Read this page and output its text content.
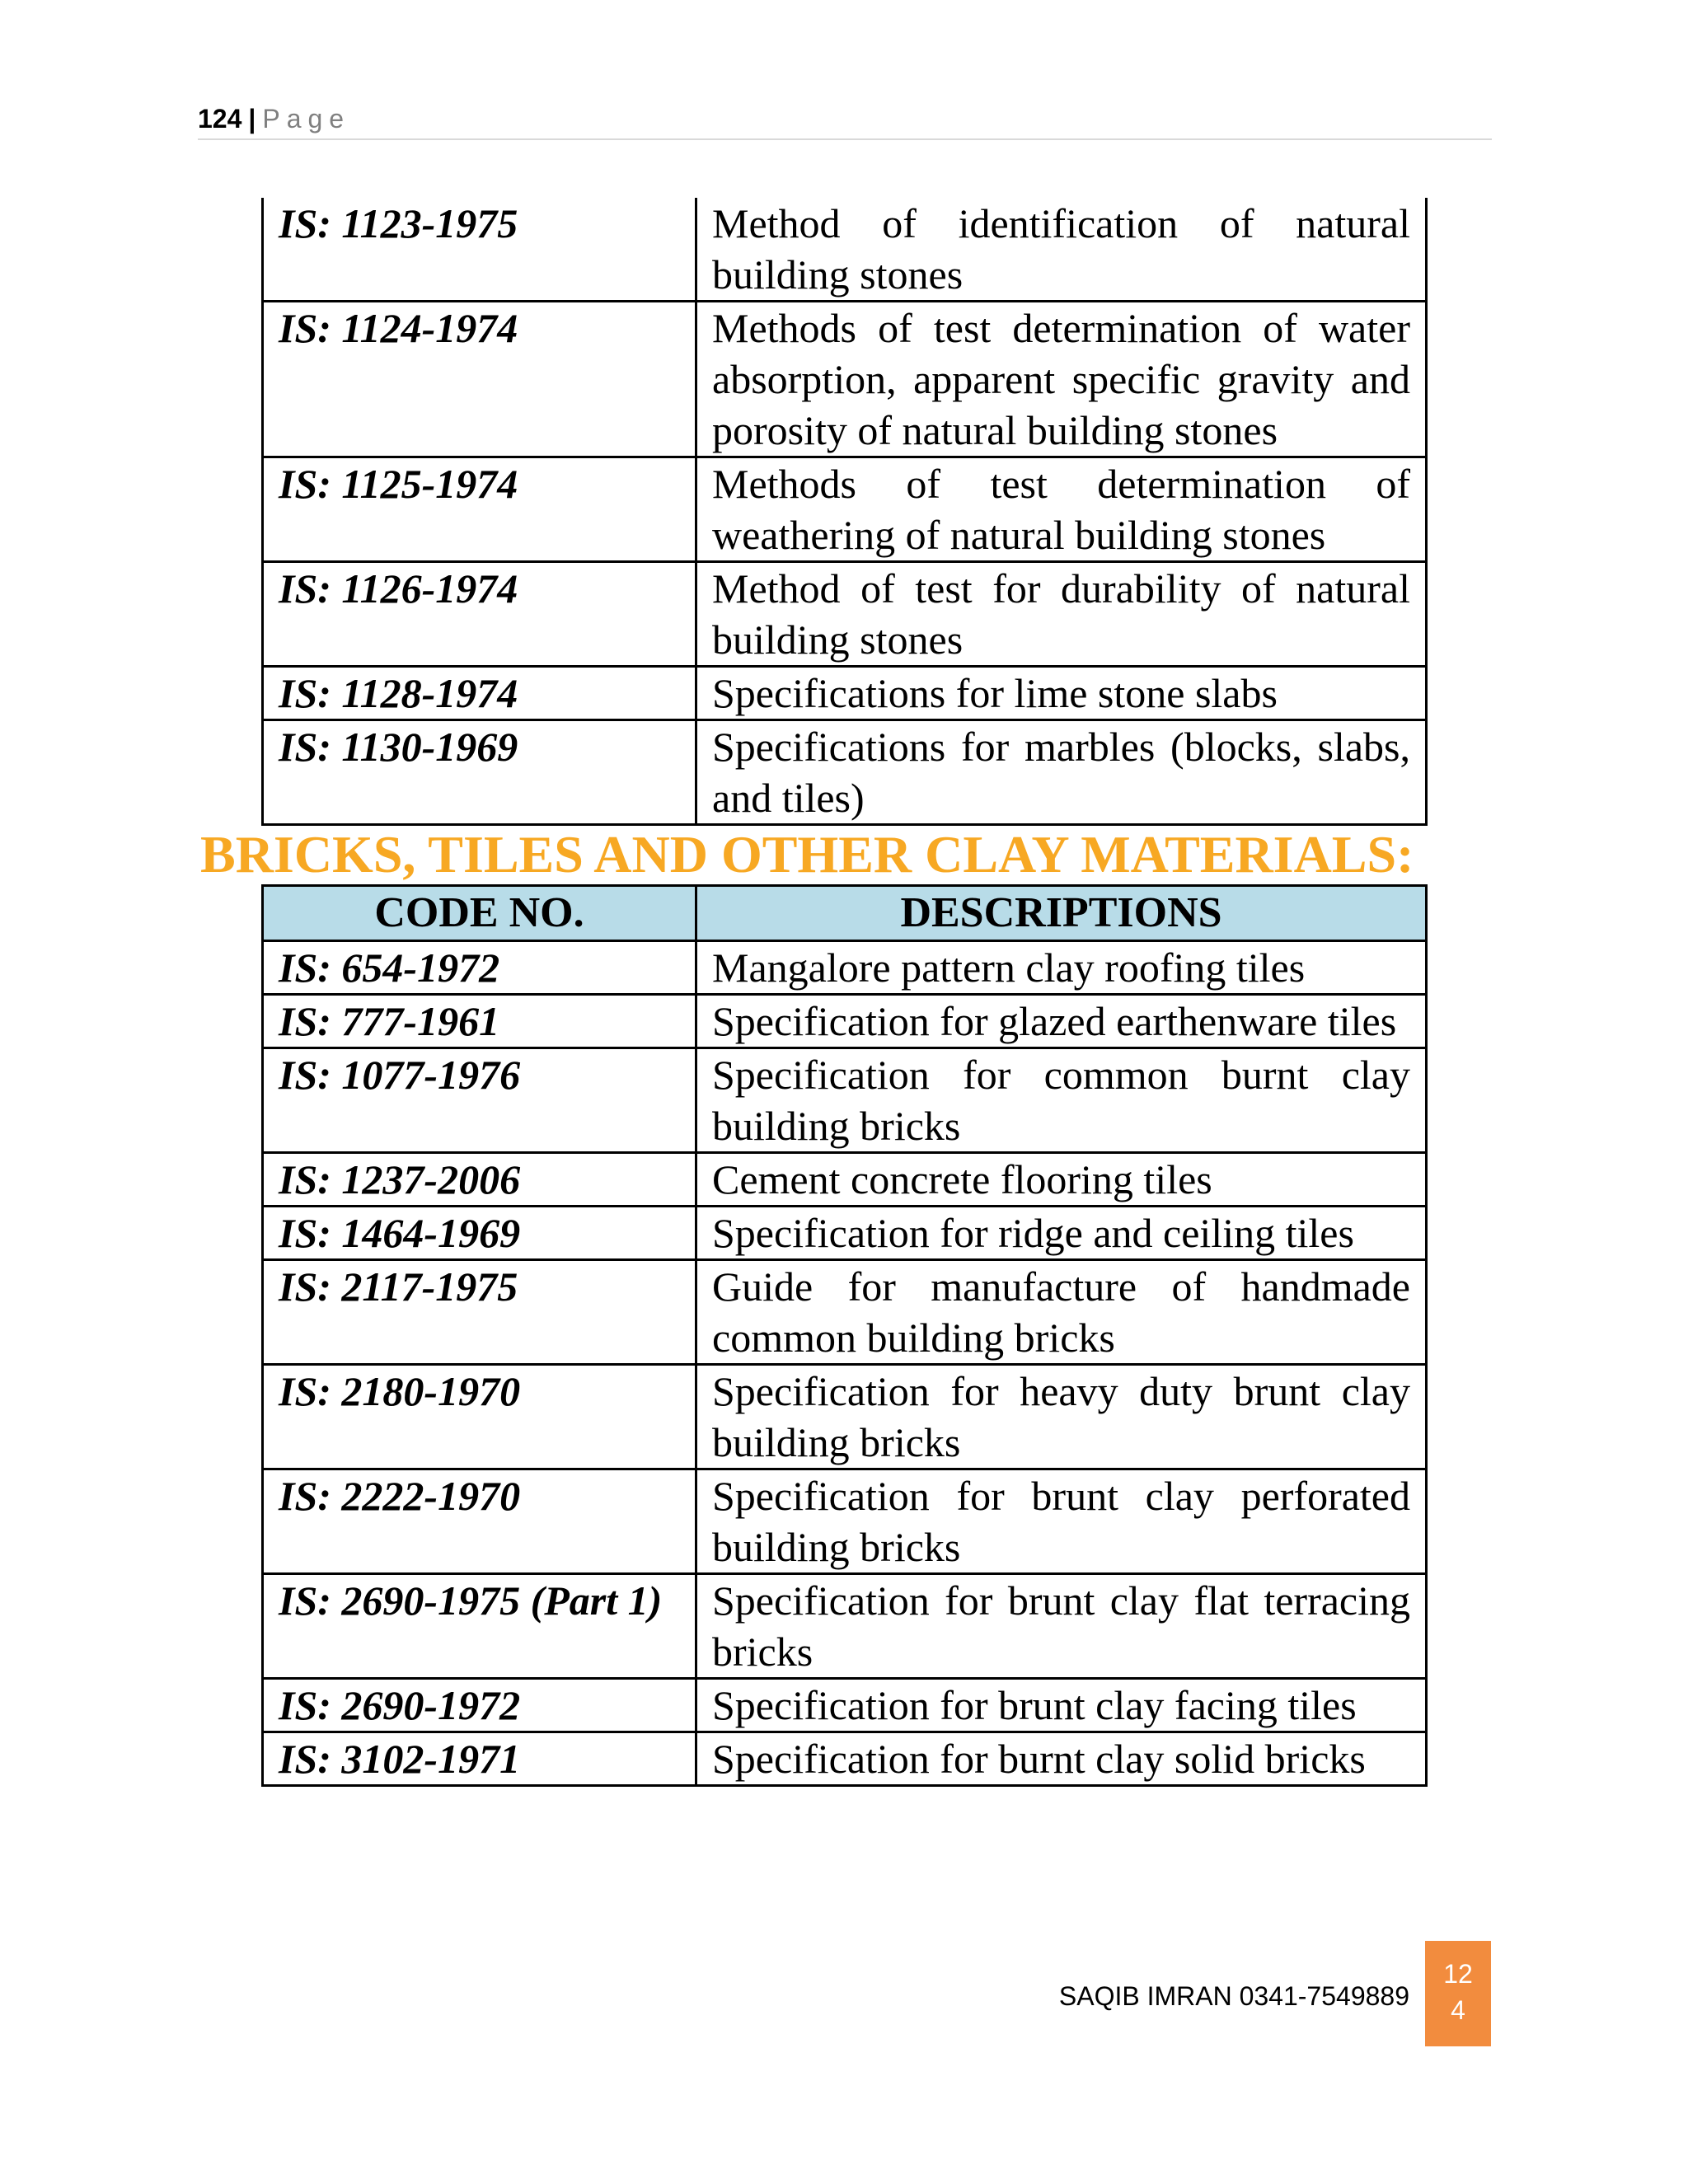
124 | Page
IS: 1123-1975	Method of identification of natural building stones
IS: 1124-1974	Methods of test determination of water absorption, apparent specific gravity and porosity of natural building stones
IS: 1125-1974	Methods of test determination of weathering of natural building stones
IS: 1126-1974	Method of test for durability of natural building stones
IS: 1128-1974	Specifications for lime stone slabs
IS: 1130-1969	Specifications for marbles (blocks, slabs, and tiles)
BRICKS, TILES AND OTHER CLAY MATERIALS:
CODE NO.	DESCRIPTIONS
IS: 654-1972	Mangalore pattern clay roofing tiles
IS: 777-1961	Specification for glazed earthenware tiles
IS: 1077-1976	Specification for common burnt clay building bricks
IS: 1237-2006	Cement concrete flooring tiles
IS: 1464-1969	Specification for ridge and ceiling tiles
IS: 2117-1975	Guide for manufacture of handmade common building bricks
IS: 2180-1970	Specification for heavy duty brunt clay building bricks
IS: 2222-1970	Specification for brunt clay perforated building bricks
IS: 2690-1975 (Part 1)	Specification for brunt clay flat terracing bricks
IS: 2690-1972	Specification for brunt clay facing tiles
IS: 3102-1971	Specification for burnt clay solid bricks
SAQIB IMRAN 0341-7549889
12
4
